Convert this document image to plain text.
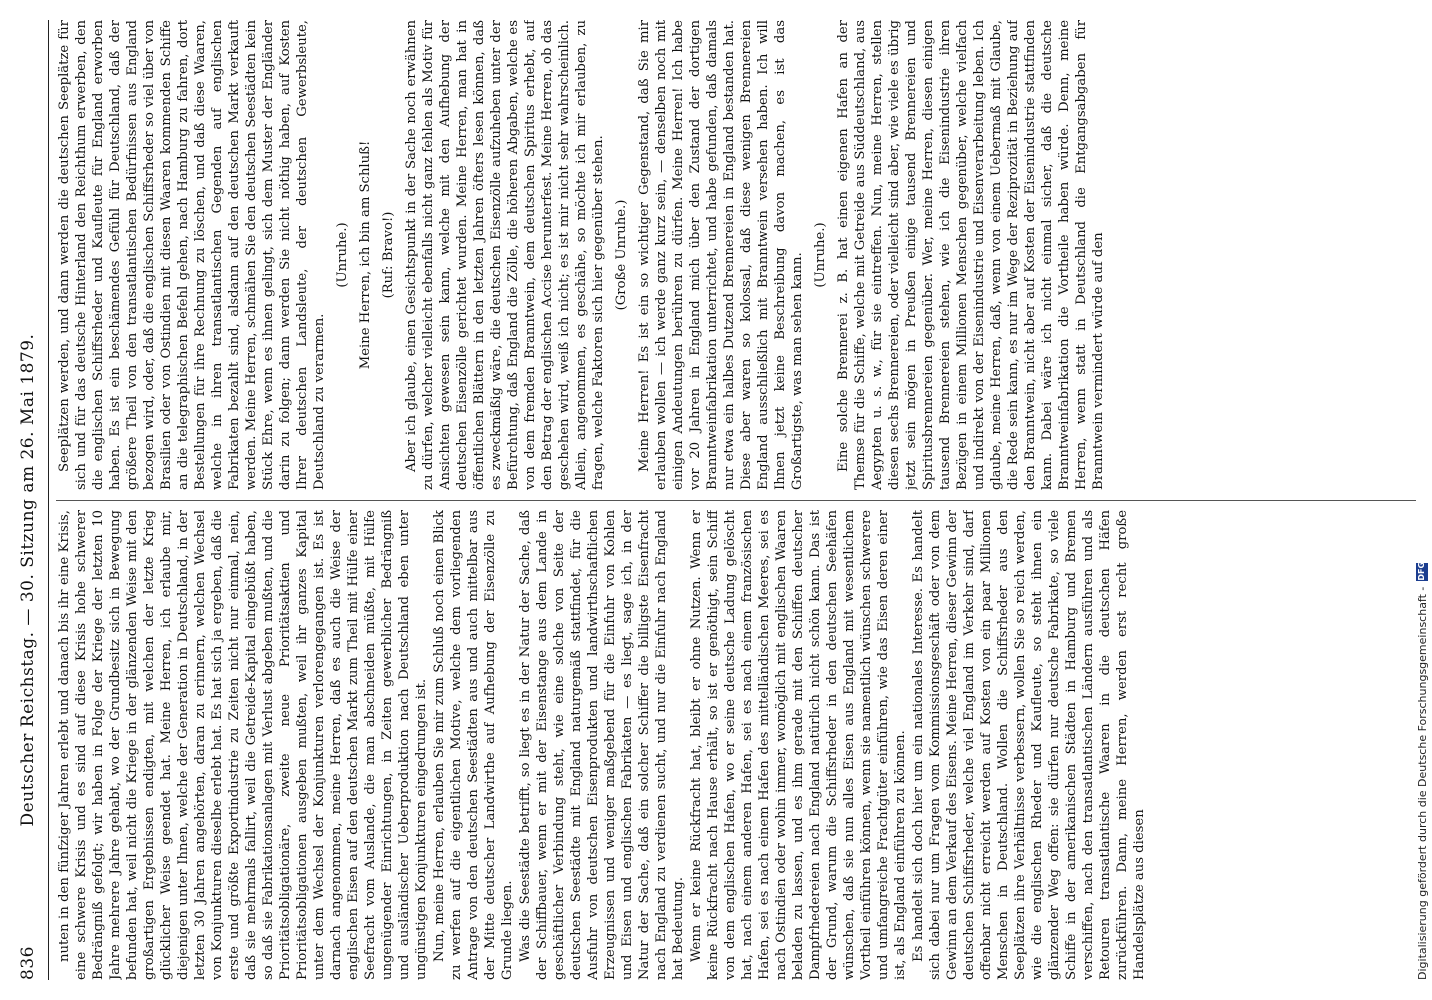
836
Deutscher Reichstag. — 30. Sitzung am 26. Mai 1879. nuten in den fünfziger Jahren erlebt und danach bis ihr eine Krisis, eine schwere Krisis und es sind auf diese Krisis hohe schwerer Bedrängniß gefolgt; wir haben in Folge der Kriege der letzten 10 Jahre mehrere Jahre gehabt, wo der Grundbesitz sich in Bewegung befunden hat, weil nicht die Kriege in der glänzenden Weise mit den großartigen Ergebnissen endigten, mit welchen der letzte Krieg glücklicher Weise geendet hat. Meine Herren, ich erlaube mir, diejenigen unter Ihnen, welche der Generation in Deutschland, in der letzten 30 Jahren angehörten, daran zu erinnern, welchen Wechsel von Konjunkturen dieselbe erlebt hat. Es hat sich ja ergeben, daß die erste und größte Exportindustrie zu Zeiten nicht nur einmal, nein, daß sie mehrmals fallirt, weil die Getreide-Kapital eingebüßt haben, so daß sie Fabrikationsanlagen mit Verlust abgeben mußten, und die Prioritätsobligationäre, zweite neue Prioritätsaktien und Prioritätsobligationen ausgeben mußten, weil ihr ganzes Kapital unter dem Wechsel der Konjunkturen verlorengegangen ist. Es ist darnach angenommen, meine Herren, daß es auch die Weise der englischen Eisen auf den deutschen Markt zum Theil mit Hülfe einer Seefracht vom Auslande, die man abschneiden müßte, mit Hülfe ungenügender Einrichtungen, in Zeiten gewerblicher Bedrängniß und ausländischer Ueberproduktion nach Deutschland eben unter ungünstigen Konjunkturen eingedrungen ist. Nun, meine Herren, erlauben Sie mir zum Schluß noch einen Blick zu werfen auf die eigentlichen Motive, welche dem vorliegenden Antrage von den deutschen Seestädten aus und auch mittelbar aus der Mitte deutscher Landwirthe auf Aufhebung der Eisenzölle zu Grunde liegen. Was die Seestädte betrifft, so liegt es in der Natur der Sache, daß der Schiffbauer, wenn er mit der Eisenstange aus dem Lande in geschäftlicher Verbindung steht, wie eine solche von Seite der deutschen Seestädte mit England naturgemäß stattfindet, für die Ausfuhr von deutschen Eisenprodukten und landwirthschaftlichen Erzeugnissen und weniger maßgebend für die Einfuhr von Kohlen und Eisen und englischen Fabrikaten — es liegt, sage ich, in der Natur der Sache, daß ein solcher Schiffer die billigste Eisenfracht nach England zu verdienen sucht, und nur die Einfuhr nach England hat Bedeutung. Wenn er keine Rückfracht hat, bleibt er ohne Nutzen. Wenn er keine Rückfracht nach Hause erhält, so ist er genöthigt, sein Schiff von dem englischen Hafen, wo er seine deutsche Ladung gelöscht hat, nach einem anderen Hafen, sei es nach einem französischen Hafen, sei es nach einem Hafen des mittelländischen Meeres, sei es nach Ostindien oder wohin immer, womöglich mit englischen Waaren beladen zu lassen, und es ihm gerade mit den Schiffen deutscher Dampfrhedereien nach England natürlich nicht schön kann. Das ist der Grund, warum die Schiffsrheder in den deutschen Seehäfen wünschen, daß sie nun alles Eisen aus England mit wesentlichem Vortheil einführen können, wenn sie namentlich wünschen schwerere und umfangreiche Frachtgüter einführen, wie das Eisen deren einer ist, als England einführen zu können. Es handelt sich doch hier um ein nationales Interesse. Es handelt sich dabei nur um Fragen vom Kommissionsgeschäft oder von dem Gewinn an dem Verkauf des Eisens. Meine Herren, dieser Gewinn der deutschen Schiffsrheder, welche viel England im Verkehr sind, darf offenbar nicht erreicht werden auf Kosten von ein paar Millionen Menschen in Deutschland. Wollen die Schiffsrheder aus den Seeplätzen ihre Verhältnisse verbessern, wollen Sie so reich werden, wie die englischen Rheder und Kaufleute, so steht ihnen ein glänzender Weg offen: sie dürfen nur deutsche Fabrikate, so viele Schiffe in der amerikanischen Städten in Hamburg und Bremen verschiffen, nach den transatlantischen Ländern ausführen und als Retouren transatlantische Waaren in die deutschen Häfen zurückführen. Dann, meine Herren, werden erst recht große Handelsplätze aus diesen

Seeplätzen werden, und dann werden die deutschen Seeplätze für sich und für das deutsche Hinterland den Reichthum erwerben, den die englischen Schiffsrheder und Kaufleute für England erworben haben. Es ist ein beschämendes Gefühl für Deutschland, daß der größere Theil von den transatlantischen Bedürfnissen aus England bezogen wird, oder, daß die englischen Schiffsrheder so viel über von Brasilien oder von Ostindien mit diesen Waaren kommenden Schiffe an die telegraphischen Befehl gehen, nach Hamburg zu fahren, dort Bestellungen für ihre Rechnung zu löschen, und daß diese Waaren, welche in ihren transatlantischen Gegenden auf englischen Fabrikaten bezahlt sind, alsdann auf den deutschen Markt verkauft werden. Meine Herren, schmähen Sie den deutschen Seestädten kein Stück Ehre, wenn es ihnen gelingt, sich dem Muster der Engländer darin zu folgen; dann werden Sie nicht nöthig haben, auf Kosten Ihrer deutschen Landsleute, der deutschen Gewerbsleute, Deutschland zu verarmen.

(Unruhe.) Meine Herren, ich bin am Schluß! (Ruf: Bravo!) Aber ich glaube, einen Gesichtspunkt in der Sache noch erwähnen zu dürfen, welcher vielleicht ebenfalls nicht ganz fehlen als Motiv für Ansichten gewesen sein kann, welche mit den Aufhebung der deutschen Eisenzölle gerichtet wurden. Meine Herren, man hat in öffentlichen Blättern in den letzten Jahren öfters lesen können, daß es zweckmäßig wäre, die deutschen Eisenzölle aufzuheben unter der Befürchtung, daß England die Zölle, die höheren Abgaben, welche es von dem fremden Branntwein, dem deutschen Spiritus erhebt, auf den Betrag der englischen Accise herunterfest. Meine Herren, ob das geschehen wird, weiß ich nicht; es ist mir nicht sehr wahrscheinlich. Allein, angenommen, es geschähe, so möchte ich mir erlauben, zu fragen, welche Faktoren sich hier gegenüber stehen. (Große Unruhe.) Meine Herren! Es ist ein so wichtiger Gegenstand, daß Sie mir erlauben wollen — ich werde ganz kurz sein, — denselben noch mit einigen Andeutungen berühren zu dürfen. Meine Herren! Ich habe vor 20 Jahren in England mich über den Zustand der dortigen Branntweinfabrikation unterrichtet, und habe gefunden, daß damals nur etwa ein halbes Dutzend Brennereien in England bestanden hat. Diese aber waren so kolossal, daß diese wenigen Brennereien England ausschließlich mit Branntwein versehen haben. Ich will Ihnen jetzt keine Beschreibung davon machen, es ist das Großartigste, was man sehen kann. (Unruhe.) Eine solche Brennerei z. B. hat einen eigenen Hafen an der Themse für die Schiffe, welche mit Getreide aus Süddeutschland, aus Aegypten u. s. w., für sie eintreffen. Nun, meine Herren, stellen diesen sechs Brennereien, oder vielleicht sind aber, wie viele es übrig jetzt sein mögen in Preußen einige tausend Brennereien und Spiritusbrennereien gegenüber. Wer, meine Herren, diesen einigen tausend Brennereien stehen, wie ich die Eisenindustrie ihren Bezügen in einem Millionen Menschen gegenüber, welche vielfach und indirekt von der Eisenindustrie und Eisenverarbeitung leben. Ich glaube, meine Herren, daß, wenn von einem Uebermaß mit Glaube, die Rede sein kann, es nur im Wege der Reziprozität in Beziehung auf den Branntwein, nicht aber auf Kosten der Eisenindustrie stattfinden kann. Dabei wäre ich nicht einmal sicher, daß die deutsche Branntweinfabrikation die Vortheile haben würde. Denn, meine Herren, wenn statt in Deutschland die Entgangsabgaben für Branntwein vermindert würde auf den

Digitalisierung gefördert durch die Deutsche Forschungsgemeinschaft -
DFG
